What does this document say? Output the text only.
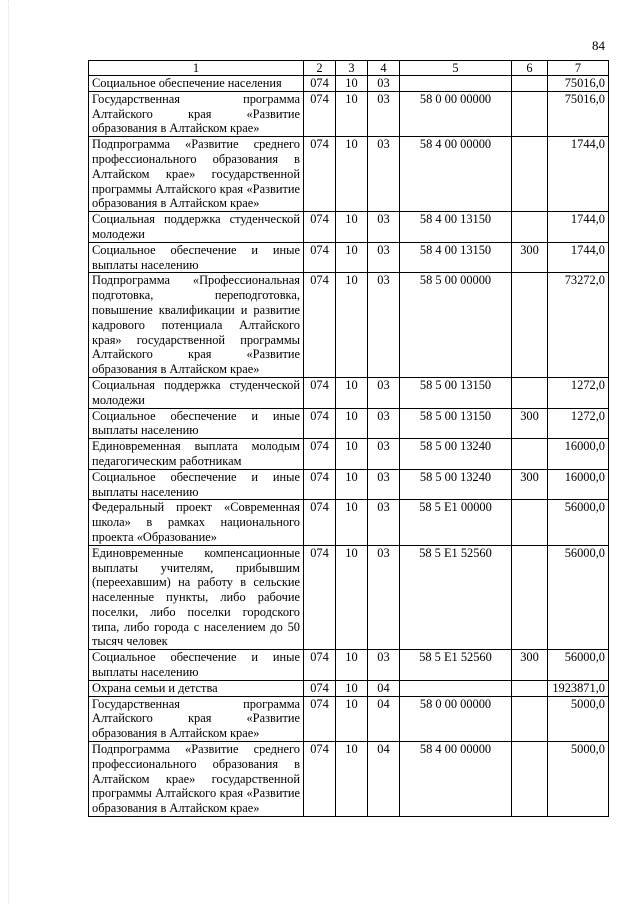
84
1	2	3	4	5	6	7
Социальное обеспечение населения	074	10	03			75016,0
Государственная программа Алтайского края «Развитие образования в Алтайском крае»	074	10	03	58 0 00 00000		75016,0
Подпрограмма «Развитие среднего профессионального образования в Алтайском крае» государственной программы Алтайского края «Развитие образования в Алтайском крае»	074	10	03	58 4 00 00000		1744,0
Социальная поддержка студенческой молодежи	074	10	03	58 4 00 13150		1744,0
Социальное обеспечение и иные выплаты населению	074	10	03	58 4 00 13150	300	1744,0
Подпрограмма «Профессиональная подготовка, переподготовка, повышение квалификации и развитие кадрового потенциала Алтайского края» государственной программы Алтайского края «Развитие образования в Алтайском крае»	074	10	03	58 5 00 00000		73272,0
Социальная поддержка студенческой молодежи	074	10	03	58 5 00 13150		1272,0
Социальное обеспечение и иные выплаты населению	074	10	03	58 5 00 13150	300	1272,0
Единовременная выплата молодым педагогическим работникам	074	10	03	58 5 00 13240		16000,0
Социальное обеспечение и иные выплаты населению	074	10	03	58 5 00 13240	300	16000,0
Федеральный проект «Современная школа» в рамках национального проекта «Образование»	074	10	03	58 5 E1 00000		56000,0
Единовременные компенсационные выплаты учителям, прибывшим (переехавшим) на работу в сельские населенные пункты, либо рабочие поселки, либо поселки городского типа, либо города с населением до 50 тысяч человек	074	10	03	58 5 E1 52560		56000,0
Социальное обеспечение и иные выплаты населению	074	10	03	58 5 E1 52560	300	56000,0
Охрана семьи и детства	074	10	04			1923871,0
Государственная программа Алтайского края «Развитие образования в Алтайском крае»	074	10	04	58 0 00 00000		5000,0
Подпрограмма «Развитие среднего профессионального образования в Алтайском крае» государственной программы Алтайского края «Развитие образования в Алтайском крае»	074	10	04	58 4 00 00000		5000,0
